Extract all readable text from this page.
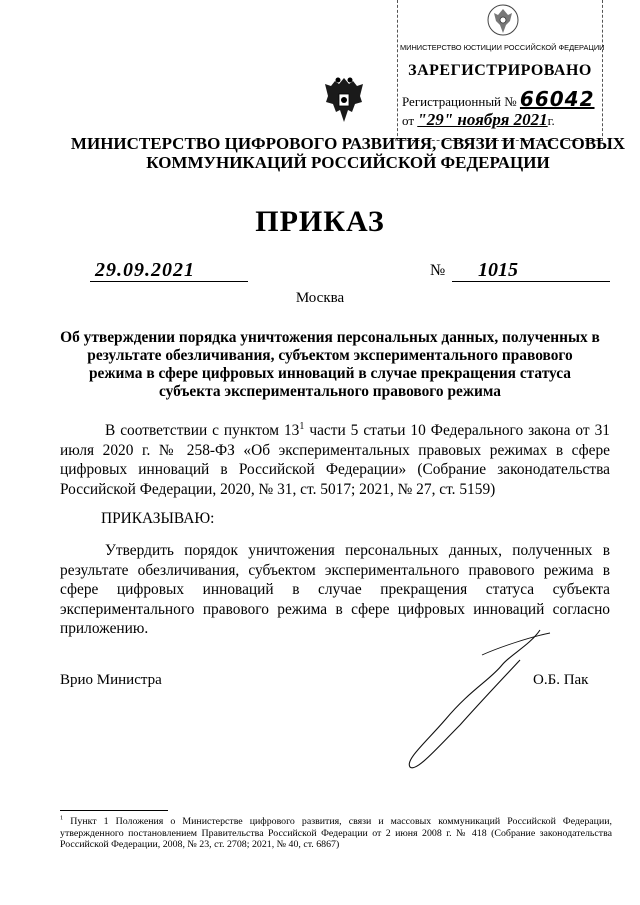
МИНИСТЕРСТВО ЮСТИЦИИ РОССИЙСКОЙ ФЕДЕРАЦИИ
ЗАРЕГИСТРИРОВАНО
Регистрационный № 66042
от "29" ноября 2021г.
МИНИСТЕРСТВО ЦИФРОВОГО РАЗВИТИЯ, СВЯЗИ И МАССОВЫХ
КОММУНИКАЦИЙ РОССИЙСКОЙ ФЕДЕРАЦИИ
ПРИКАЗ
29.09.2021	№ 1015
Москва
Об утверждении порядка уничтожения персональных данных, полученных в результате обезличивания, субъектом экспериментального правового режима в сфере цифровых инноваций в случае прекращения статуса субъекта экспериментального правового режима
В соответствии с пунктом $13^1$ части 5 статьи 10 Федерального закона от 31 июля 2020 г. № 258-ФЗ «Об экспериментальных правовых режимах в сфере цифровых инноваций в Российской Федерации» (Собрание законодательства Российской Федерации, 2020, № 31, ст. 5017; 2021, № 27, ст. 5159)
ПРИКАЗЫВАЮ:
Утвердить порядок уничтожения персональных данных, полученных в результате обезличивания, субъектом экспериментального правового режима в сфере цифровых инноваций в случае прекращения статуса субъекта экспериментального правового режима в сфере цифровых инноваций согласно приложению.
Врио Министра	О.Б. Пак
$^1$ Пункт 1 Положения о Министерстве цифрового развития, связи и массовых коммуникаций Российской Федерации, утвержденного постановлением Правительства Российской Федерации от 2 июня 2008 г. № 418 (Собрание законодательства Российской Федерации, 2008, № 23, ст. 2708; 2021, № 40, ст. 6867)
